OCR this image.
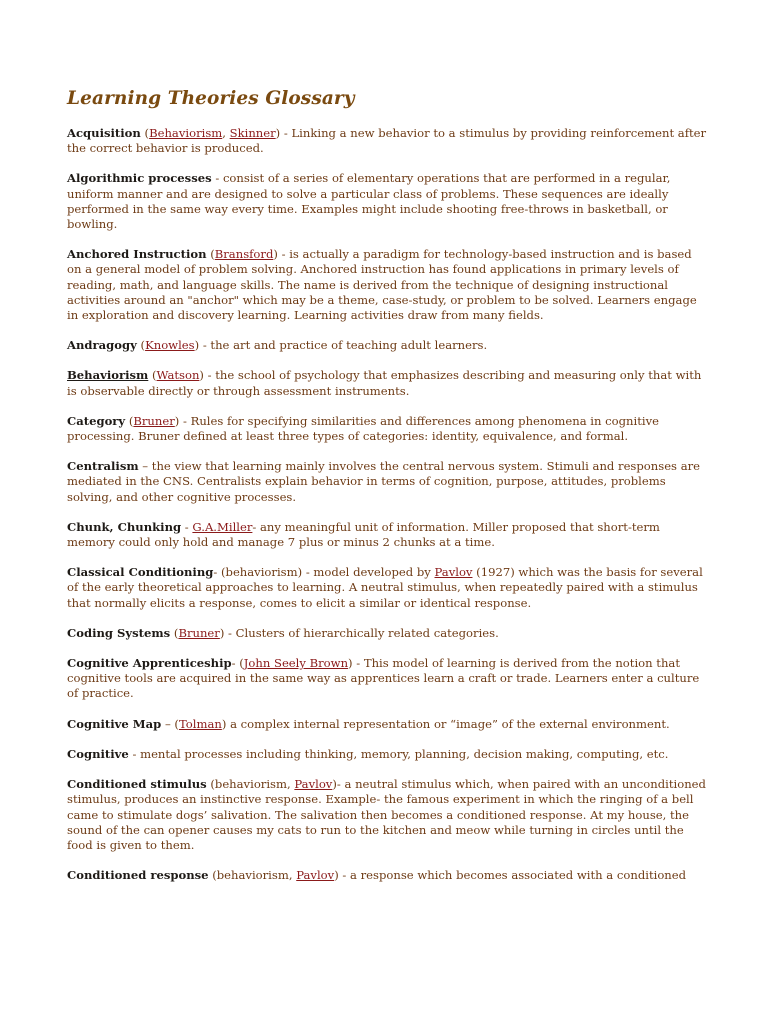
Learning Theories Glossary

Acquisition (Behaviorism, Skinner) - Linking a new behavior to a stimulus by providing reinforcement after the correct behavior is produced.

Algorithmic processes - consist of a series of elementary operations that are performed in a regular, uniform manner and are designed to solve a particular class of problems. These sequences are ideally performed in the same way every time. Examples might include shooting free-throws in basketball, or bowling.

Anchored Instruction (Bransford) - is actually a paradigm for technology-based instruction and is based on a general model of problem solving. Anchored instruction has found applications in primary levels of reading, math, and language skills. The name is derived from the technique of designing instructional activities around an "anchor" which may be a theme, case-study, or problem to be solved. Learners engage in exploration and discovery learning. Learning activities draw from many fields.

Andragogy (Knowles) - the art and practice of teaching adult learners.

Behaviorism (Watson) - the school of psychology that emphasizes describing and measuring only that with is observable directly or through assessment instruments.

Category (Bruner) - Rules for specifying similarities and differences among phenomena in cognitive processing. Bruner defined at least three types of categories: identity, equivalence, and formal.

Centralism – the view that learning mainly involves the central nervous system. Stimuli and responses are mediated in the CNS. Centralists explain behavior in terms of cognition, purpose, attitudes, problems solving, and other cognitive processes.

Chunk, Chunking - G.A.Miller- any meaningful unit of information. Miller proposed that short-term memory could only hold and manage 7 plus or minus 2 chunks at a time.

Classical Conditioning- (behaviorism) - model developed by Pavlov (1927) which was the basis for several of the early theoretical approaches to learning. A neutral stimulus, when repeatedly paired with a stimulus that normally elicits a response, comes to elicit a similar or identical response.

Coding Systems (Bruner) - Clusters of hierarchically related categories.

Cognitive Apprenticeship- (John Seely Brown) - This model of learning is derived from the notion that cognitive tools are acquired in the same way as apprentices learn a craft or trade. Learners enter a culture of practice.

Cognitive Map – (Tolman) a complex internal representation or “image” of the external environment.

Cognitive - mental processes including thinking, memory, planning, decision making, computing, etc.

Conditioned stimulus (behaviorism, Pavlov)- a neutral stimulus which, when paired with an unconditioned stimulus, produces an instinctive response. Example- the famous experiment in which the ringing of a bell came to stimulate dogs’ salivation. The salivation then becomes a conditioned response. At my house, the sound of the can opener causes my cats to run to the kitchen and meow while turning in circles until the food is given to them.

Conditioned response (behaviorism, Pavlov) - a response which becomes associated with a conditioned
